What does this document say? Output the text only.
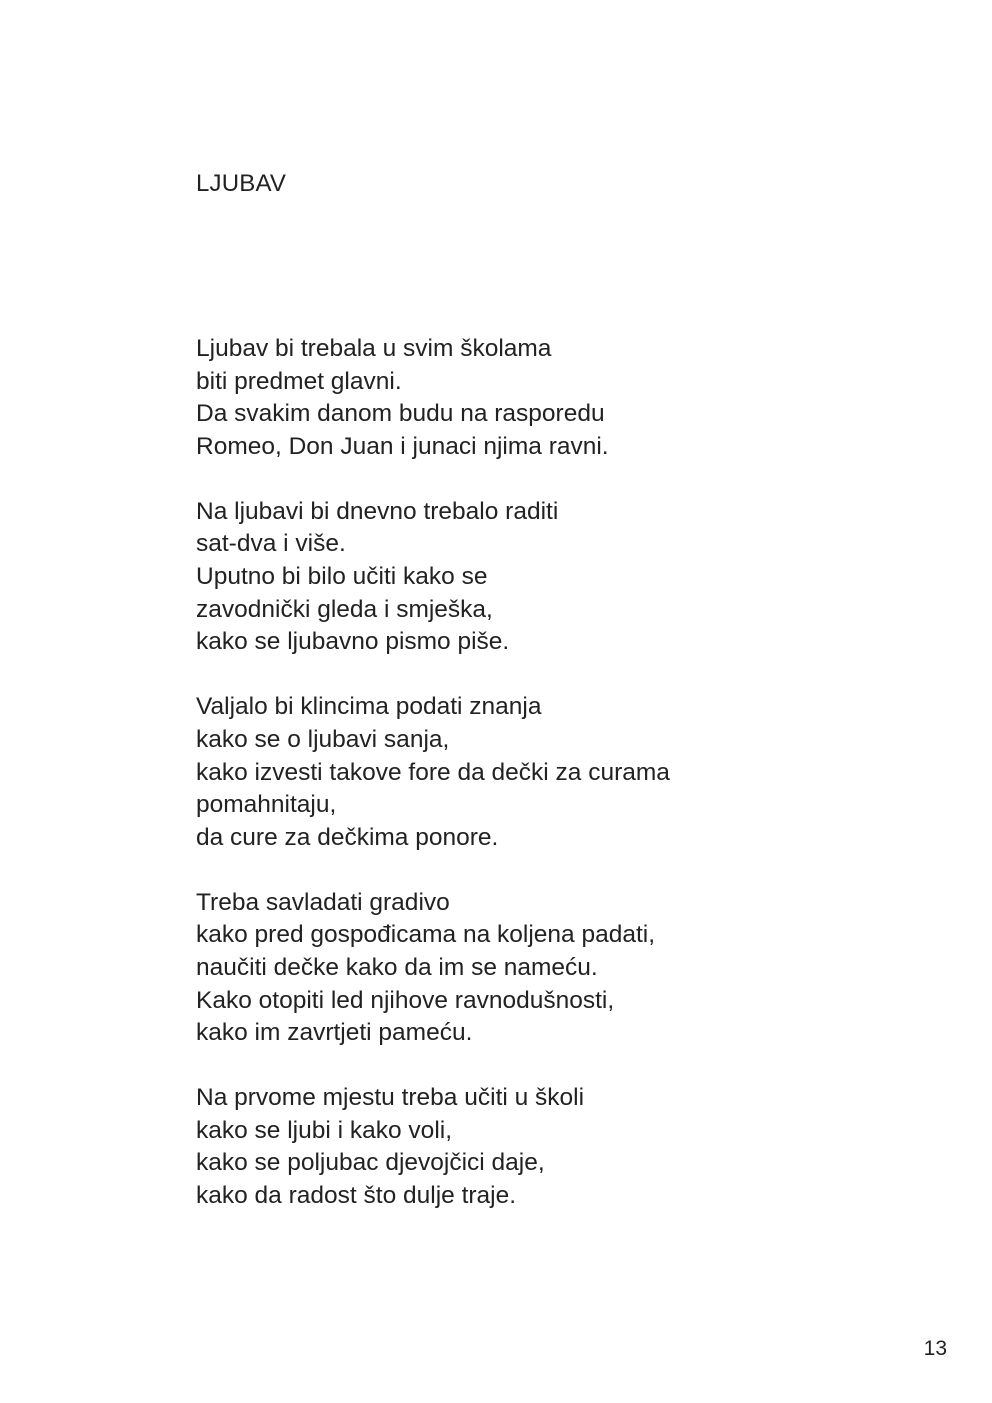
LJUBAV
Ljubav bi trebala u svim školama
biti predmet glavni.
Da svakim danom budu na rasporedu
Romeo, Don Juan i junaci njima ravni.
Na ljubavi bi dnevno trebalo raditi
sat-dva i više.
Uputno bi bilo učiti kako se
zavodnički gleda i smješka,
kako se ljubavno pismo piše.
Valjalo bi klincima podati znanja
kako se o ljubavi sanja,
kako izvesti takove fore da dečki za curama
pomahnitaju,
da cure za dečkima ponore.
Treba savladati gradivo
kako pred gospođicama na koljena padati,
naučiti dečke kako da im se nameću.
Kako otopiti led njihove ravnodušnosti,
kako im zavrtjeti pameću.
Na prvome mjestu treba učiti u školi
kako se ljubi i kako voli,
kako se poljubac djevojčici daje,
kako da radost što dulje traje.
13
